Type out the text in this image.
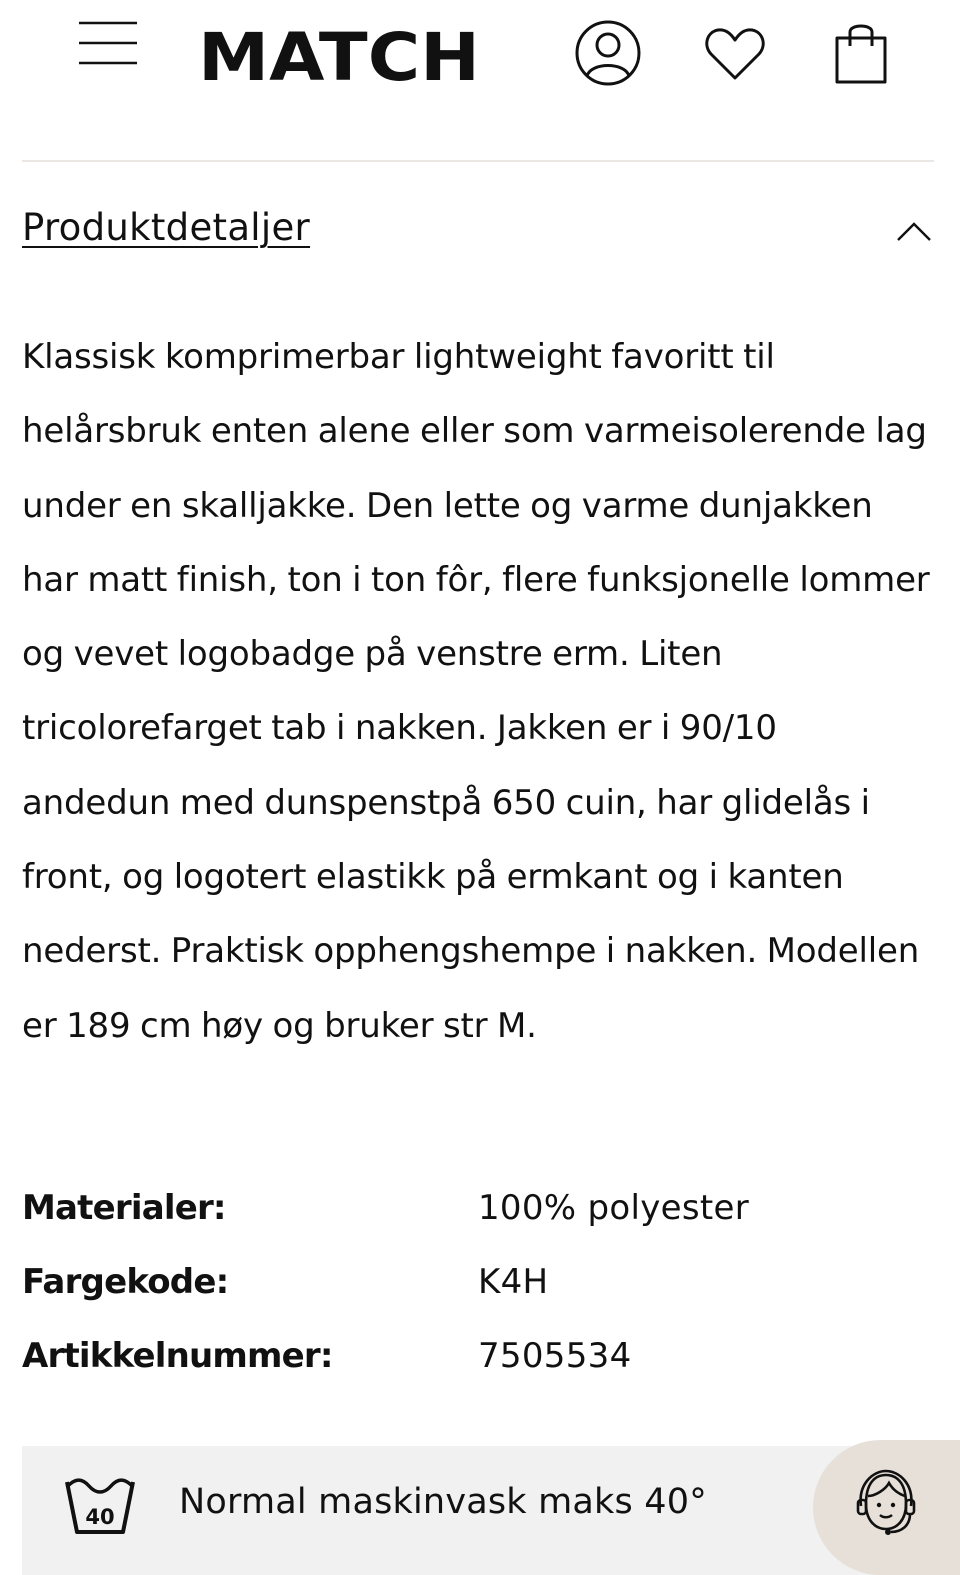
MATCH
Produktdetaljer

Klassisk komprimerbar lightweight favoritt til helårsbruk enten alene eller som varmeisolerende lag under en skalljakke. Den lette og varme dunjakken har matt finish, ton i ton fôr, flere funksjonelle lommer og vevet logobadge på venstre erm. Liten tricolorefarget tab i nakken. Jakken er i 90/10 andedun med dunspenstpå 650 cuin, har glidelås i front, og logotert elastikk på ermkant og i kanten nederst. Praktisk opphengshempe i nakken. Modellen er 189 cm høy og bruker str M.

Materialer:	100% polyester
Fargekode:	K4H
Artikkelnummer:	7505534
40 Normal maskinvask maks 40°
